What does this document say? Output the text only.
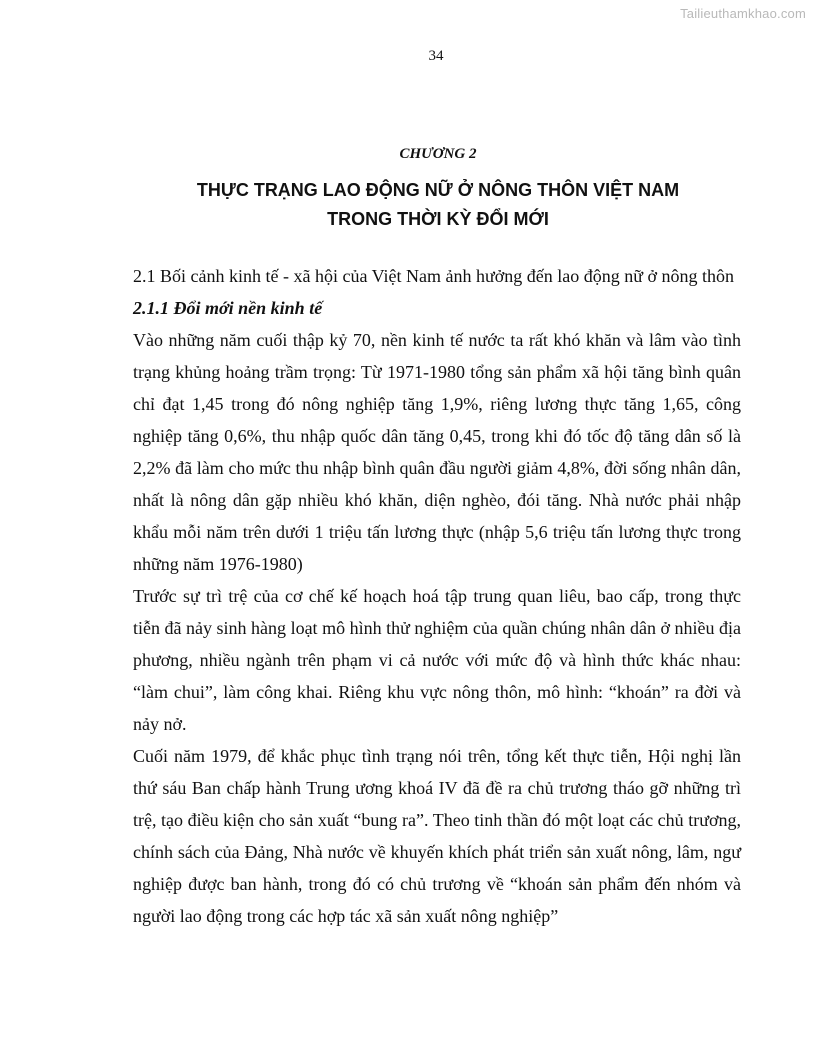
Tailieuthamkhao.com
34
CHƯƠNG 2
THỰC TRẠNG LAO ĐỘNG NỮ Ở NÔNG THÔN VIỆT NAM
TRONG THỜI KỲ ĐỔI MỚI

2.1 Bối cảnh kinh tế - xã hội của Việt Nam ảnh hưởng đến lao động nữ ở nông thôn

2.1.1 Đổi mới nền kinh tế

Vào những năm cuối thập kỷ 70, nền kinh tế nước ta rất khó khăn và lâm vào tình trạng khủng hoảng trầm trọng: Từ 1971-1980 tổng sản phẩm xã hội tăng bình quân chỉ đạt 1,45 trong đó nông nghiệp tăng 1,9%, riêng lương thực tăng 1,65, công nghiệp tăng 0,6%, thu nhập quốc dân tăng 0,45, trong khi đó tốc độ tăng dân số là 2,2% đã làm cho mức thu nhập bình quân đầu người giảm 4,8%, đời sống nhân dân, nhất là nông dân gặp nhiều khó khăn, diện nghèo, đói tăng. Nhà nước phải nhập khẩu mỗi năm trên dưới 1 triệu tấn lương thực (nhập 5,6 triệu tấn lương thực trong những năm 1976-1980)

Trước sự trì trệ của cơ chế kế hoạch hoá tập trung quan liêu, bao cấp, trong thực tiễn đã nảy sinh hàng loạt mô hình thử nghiệm của quần chúng nhân dân ở nhiều địa phương, nhiều ngành trên phạm vi cả nước với mức độ và hình thức khác nhau: “làm chui”, làm công khai. Riêng khu vực nông thôn, mô hình: “khoán” ra đời và nảy nở.

Cuối năm 1979, để khắc phục tình trạng nói trên, tổng kết thực tiễn, Hội nghị lần thứ sáu Ban chấp hành Trung ương khoá IV đã đề ra chủ trương tháo gỡ những trì trệ, tạo điều kiện cho sản xuất “bung ra”. Theo tinh thần đó một loạt các chủ trương, chính sách của Đảng, Nhà nước về khuyến khích phát triển sản xuất nông, lâm, ngư nghiệp được ban hành, trong đó có chủ trương về “khoán sản phẩm đến nhóm và người lao động trong các hợp tác xã sản xuất nông nghiệp”
